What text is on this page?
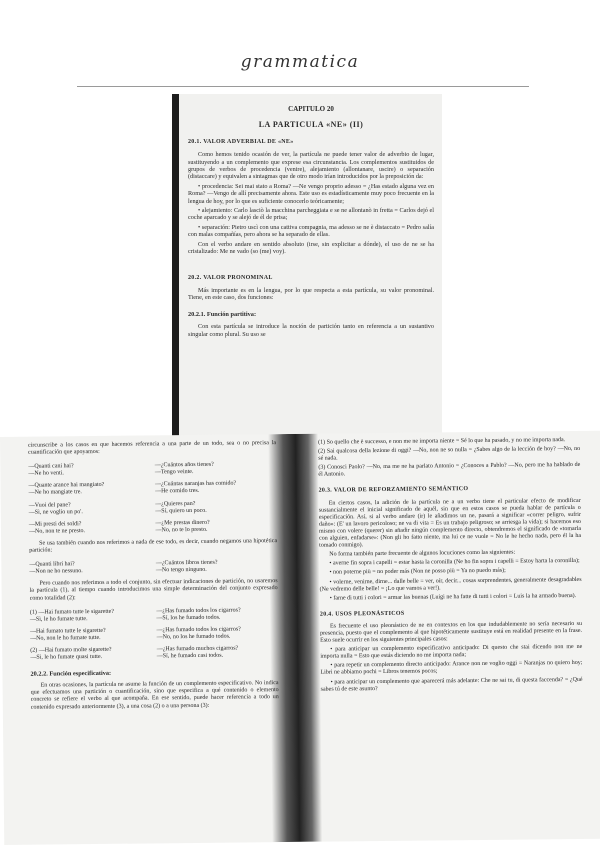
grammatica
CAPITULO 20
LA PARTICULA «NE» (II)
20.1. VALOR ADVERBIAL DE «NE»

Como hemos tenido ocasión de ver, la partícula ne puede tener valor de adverbio de lugar, sustituyendo a un complemento que exprese esa circunstancia. Los complementos sustituidos de grupos de verbos de procedencia (venire), alejamiento (allontanare, uscire) o separación (distaccare) y equivalen a sintagmas que de otro modo irían introducidos por la preposición da:

• procedencia: Sei mai stato a Roma? —Ne vengo proprio adesso = ¿Has estado alguna vez en Roma? —Vengo de allí precisamente ahora. Este uso es estadísticamente muy poco frecuente en la lengua de hoy, por lo que es suficiente conocerlo teóricamente;

• alejamiento: Carlo lasciò la macchina parcheggiata e se ne allontanò in fretta = Carlos dejó el coche aparcado y se alejó de él de prisa;

• separación: Pietro uscì con una cattiva compagnia, ma adesso se ne è distaccato = Pedro salía con malas compañías, pero ahora se ha separado de ellas.

Con el verbo andare en sentido absoluto (irse, sin explicitar a dónde), el uso de ne se ha cristalizado: Me ne vado (so (me) voy).

20.2. VALOR PRONOMINAL

Más importante es en la lengua, por lo que respecta a esta partícula, su valor pronominal. Tiene, en este caso, dos funciones:

20.2.1. Función partitiva:

Con esta partícula se introduce la noción de partición tanto en referencia a un sustantivo singular como plural. Su uso se

circunscribe a los casos en que hacemos referencia a una parte de un todo, sea o no precisa la cuantificación que apoyamos:

—Quanti cani hai?	—¿Cuántos años tienes?
—Ne ho venti.	—Tengo veinte.
—Quante arance hai mangiato?	—¿Cuántas naranjas has comido?
—Ne ho mangiate tre.	—He comido tres.
—Vuoi del pane?	—¿Quieres pan?
—Sì, ne voglio un po'.	—Sí, quiero un poco.
—Mi presti dei soldi?	—¿Me prestas dinero?
—No, non te ne presto.	—No, no te lo presto.

Se usa también cuando nos referimos a nada de ese todo, es decir, cuando negamos una hipotética partición:

—Quanti libri hai?	—¿Cuántos libros tienes?
—Non ne ho nessuno.	—No tengo ninguno.

Pero cuando nos referimos a todo el conjunto, sin efectuar indicaciones de partición, no usaremos la partícula (1), al tiempo cuando introducimos una simple determinación del conjunto expresado como totalidad (2):

(1) —Hai fumato tutte le sigarette?	—¿Has fumado todos los cigarros?
—Sì, le ho fumate tutte.	—Sí, los he fumado todos.
—Hai fumato tutte le sigarette?	—¿Has fumado todos los cigarros?
—No, non le ho fumate tutte.	—No, no los he fumado todos.
(2) —Hai fumato molte sigarette?	—¿Has fumado muchos cigarros?
—Sì, le ho fumate quasi tutte.	—Sí, he fumado casi todos.
20.2.2. Función especificativa:

En otras ocasiones, la partícula ne asume la función de un complemento especificativo. No indica que efectuamos una partición o cuantificación, sino que especifica a qué contenido o elemento concreto se refiere el verbo al que acompaña. En ese sentido, puede hacer referencia a todo un contenido expresado anteriormente (3), a una cosa (2) o a una persona (3):

(1) So quello che è successo, e non me ne importa niente = Sé lo que ha pasado, y no me importa nada.

(2) Sai qualcosa della lezione di oggi? —No, non ne so nulla = ¿Sabes algo de la lección de hoy? —No, no sé nada.

(3) Conosci Paolo? —No, ma me ne ha parlato Antonio = ¿Conoces a Pablo? —No, pero me ha hablado de él Antonio.

20.3. VALOR DE REFORZAMIENTO SEMÁNTICO

En ciertos casos, la adición de la partícula ne a un verbo tiene el particular efecto de modificar sustancialmente el inicial significado de aquél, sin que en estos casos se pueda hablar de partícula o especificación. Así, si al verbo andare (ir) le añadimos un ne, pasará a significar «correr peligro, sufrir daño»: (E' un lavoro pericoloso; ne va di vita = Es un trabajo peligroso; se arriesga la vida); si hacemos eso mismo con volere (querer) sin añadir ningún complemento directo, obtendremos el significado de «tomarla con alguien, enfadarse»: (Non gli ho fatto niente, ma lui ce ne vuole = No le he hecho nada, pero él la ha tomado conmigo).

No forma también parte frecuente de algunos locuciones como las siguientes:

• averne fin sopra i capelli = estar hasta la coronilla (Ne ho fin sopra i capelli = Estoy harta la coronilla);

• non poterne più = no poder más (Non ne posso più = Ya no puedo más);

• volerne, venirne, dirne... dalle belle = ver, oír, decir... cosas sorprendentes, generalmente desagradables (Ne vedremo delle belle! = ¡Lo que vamos a ver!).

• farne di tutti i colori = armar las buenas (Luigi ne ha fatte di tutti i colori = Luis la ha armado buena).

20.4. USOS PLEONÁSTICOS

Es frecuente el uso pleonástico de ne en contextos en los que indudablemente no sería necesario su presencia, puesto que el complemento al que hipotéticamente sustituye está en realidad presente en la frase. Esto suele ocurrir en los siguientes principales casos:

• para anticipar un complemento especificativo anticipado: Di questo che stai dicendo non me ne importa nulla = Esto que estás diciendo no me importa nada;

• para repetir un complemento directo anticipado: Arance non ne voglio oggi = Naranjas no quiero hoy; Libri ne abbiamo pochi = Libros tenemos pocos;

• para anticipar un complemento que aparecerá más adelante: Che ne sai tu, di questa faccenda? = ¿Qué sabes tú de este asunto?
